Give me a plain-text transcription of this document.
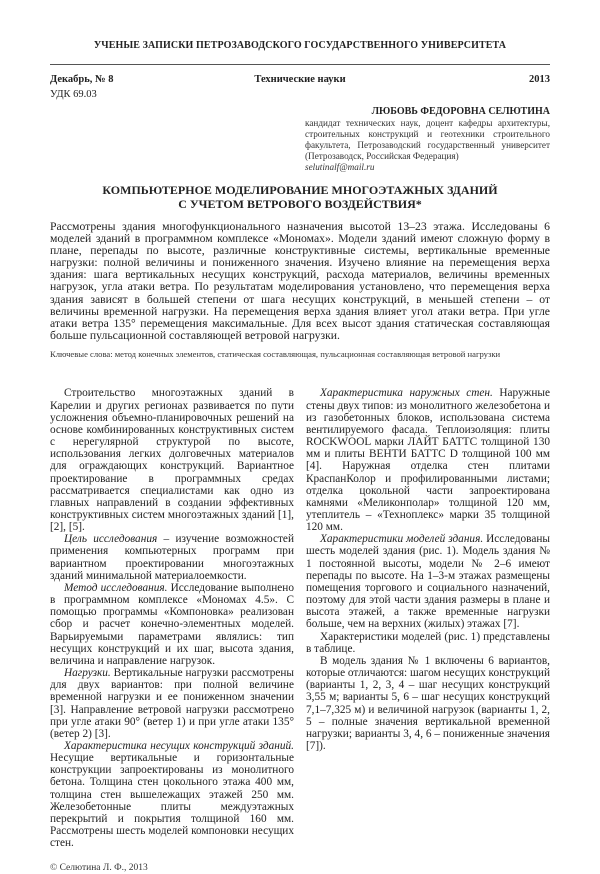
УЧЕНЫЕ ЗАПИСКИ ПЕТРОЗАВОДСКОГО ГОСУДАРСТВЕННОГО УНИВЕРСИТЕТА
Декабрь, № 8	Технические науки	2013
УДК 69.03
ЛЮБОВЬ ФЕДОРОВНА СЕЛЮТИНА
кандидат технических наук, доцент кафедры архитектуры, строительных конструкций и геотехники строительного факультета, Петрозаводский государственный университет (Петрозаводск, Российская Федерация)
selutinalf@mail.ru
КОМПЬЮТЕРНОЕ МОДЕЛИРОВАНИЕ МНОГОЭТАЖНЫХ ЗДАНИЙ
С УЧЕТОМ ВЕТРОВОГО ВОЗДЕЙСТВИЯ*

Рассмотрены здания многофункционального назначения высотой 13–23 этажа. Исследованы 6 моделей зданий в программном комплексе «Мономах». Модели зданий имеют сложную форму в плане, перепады по высоте, различные конструктивные системы, вертикальные временные нагрузки: полной величины и пониженного значения. Изучено влияние на перемещения верха здания: шага вертикальных несущих конструкций, расхода материалов, величины временных нагрузок, угла атаки ветра. По результатам моделирования установлено, что перемещения верха здания зависят в большей степени от шага несущих конструкций, в меньшей степени – от величины временной нагрузки. На перемещения верха здания влияет угол атаки ветра. При угле атаки ветра 135° перемещения максимальные. Для всех высот здания статическая составляющая больше пульсационной составляющей ветровой нагрузки.

Ключевые слова: метод конечных элементов, статическая составляющая, пульсационная составляющая ветровой нагрузки

Строительство многоэтажных зданий в Карелии и других регионах развивается по пути усложнения объемно-планировочных решений на основе комбинированных конструктивных систем с нерегулярной структурой по высоте, использования легких долговечных материалов для ограждающих конструкций. Вариантное проектирование в программных средах рассматривается специалистами как одно из главных направлений в создании эффективных конструктивных систем многоэтажных зданий [1], [2], [5].

Цель исследования – изучение возможностей применения компьютерных программ при вариантном проектировании многоэтажных зданий минимальной материалоемкости.

Метод исследования. Исследование выполнено в программном комплексе «Мономах 4.5». С помощью программы «Компоновка» реализован сбор и расчет конечно-элементных моделей. Варьируемыми параметрами являлись: тип несущих конструкций и их шаг, высота здания, величина и направление нагрузок.

Нагрузки. Вертикальные нагрузки рассмотрены для двух вариантов: при полной величине временной нагрузки и ее пониженном значении [3]. Направление ветровой нагрузки рассмотрено при угле атаки 90° (ветер 1) и при угле атаки 135° (ветер 2) [3].

Характеристика несущих конструкций зданий. Несущие вертикальные и горизонтальные конструкции запроектированы из монолитного бетона. Толщина стен цокольного этажа 400 мм, толщина стен вышележащих этажей 250 мм. Железобетонные плиты междуэтажных перекрытий и покрытия толщиной 160 мм. Рассмотрены шесть моделей компоновки несущих стен.

© Селютина Л. Ф., 2013

Характеристика наружных стен. Наружные стены двух типов: из монолитного железобетона и из газобетонных блоков, использована система вентилируемого фасада. Теплоизоляция: плиты ROCKWOOL марки ЛАЙТ БАТТС толщиной 130 мм и плиты ВЕНТИ БАТТС D толщиной 100 мм [4]. Наружная отделка стен плитами КраспанКолор и профилированными листами; отделка цокольной части запроектирована камнями «Меликонполар» толщиной 120 мм, утеплитель – «Техноплекс» марки 35 толщиной 120 мм.

Характеристики моделей здания. Исследованы шесть моделей здания (рис. 1). Модель здания № 1 постоянной высоты, модели № 2–6 имеют перепады по высоте. На 1–3-м этажах размещены помещения торгового и социального назначений, поэтому для этой части здания размеры в плане и высота этажей, а также временные нагрузки больше, чем на верхних (жилых) этажах [7].

Характеристики моделей (рис. 1) представлены в таблице.

В модель здания № 1 включены 6 вариантов, которые отличаются: шагом несущих конструкций (варианты 1, 2, 3, 4 – шаг несущих конструкций 3,55 м; варианты 5, 6 – шаг несущих конструкций 7,1–7,325 м) и величиной нагрузок (варианты 1, 2, 5 – полные значения вертикальной временной нагрузки; варианты 3, 4, 6 – пониженные значения [7]).
